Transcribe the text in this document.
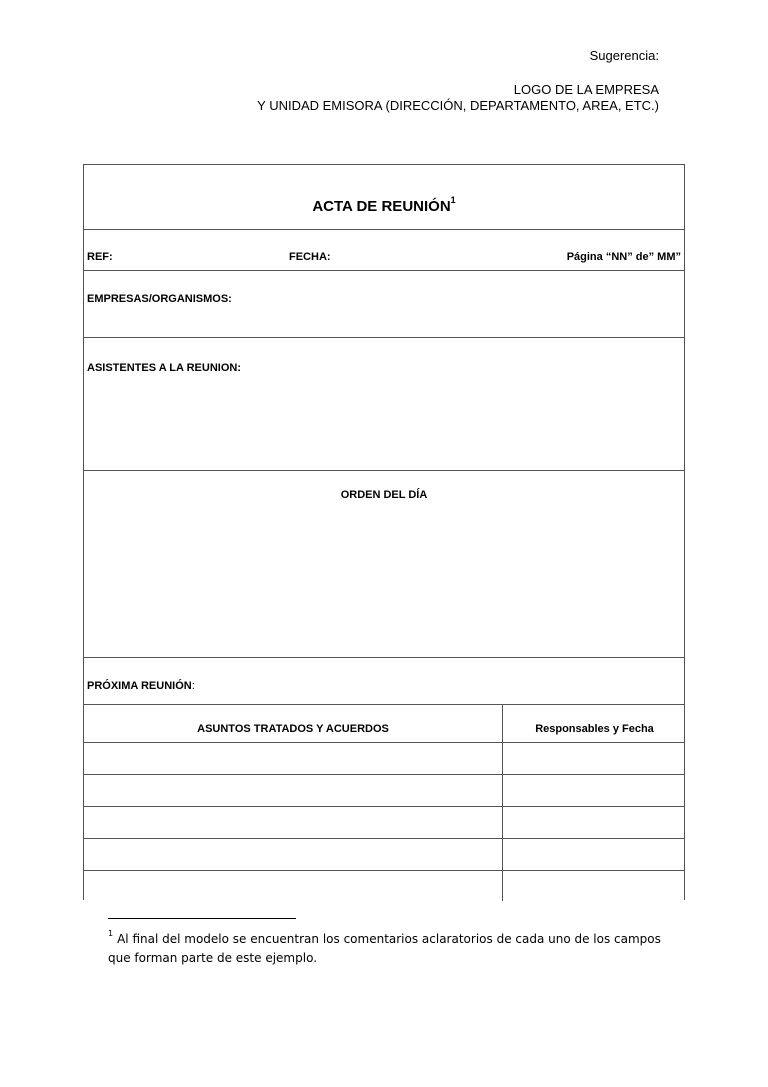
Sugerencia:
LOGO DE LA EMPRESA
Y UNIDAD EMISORA (DIRECCIÓN, DEPARTAMENTO, AREA, ETC.)
ACTA DE REUNIÓN$^1$
REF:	FECHA:	Página “NN” de” MM”
EMPRESAS/ORGANISMOS:
ASISTENTES A LA REUNION:
ORDEN DEL DÍA
PRÓXIMA REUNIÓN:
ASUNTOS TRATADOS Y ACUERDOS	Responsables y Fecha
$^1$ Al final del modelo se encuentran los comentarios aclaratorios de cada uno de los campos que forman parte de este ejemplo.
